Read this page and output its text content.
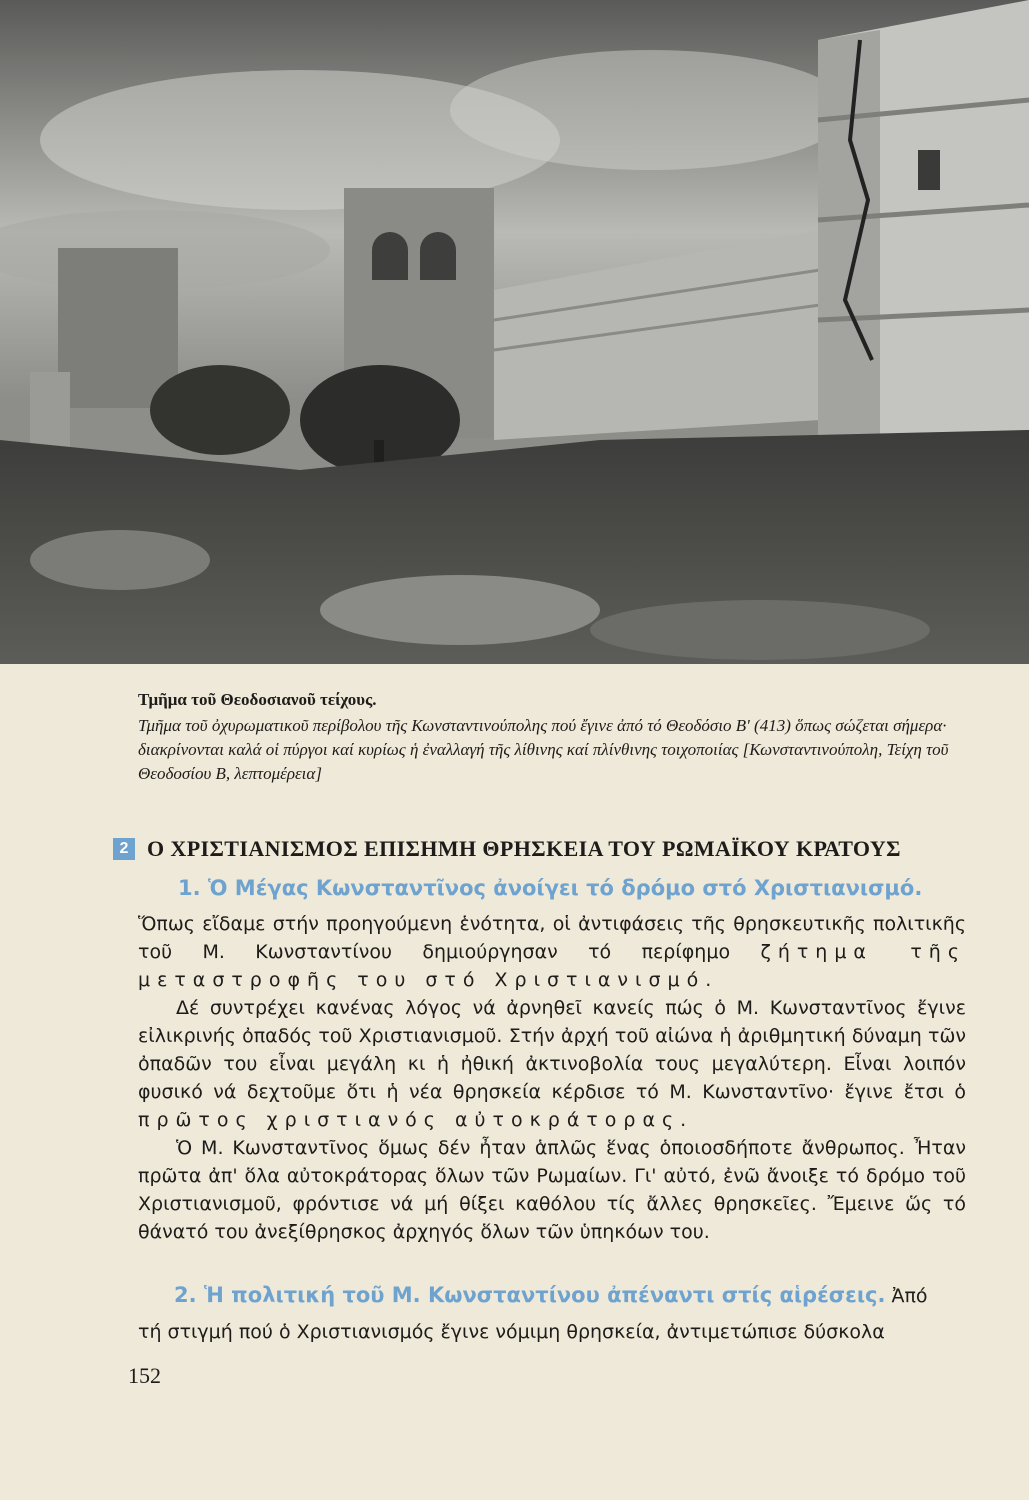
Τμῆμα τοῦ Θεοδοσιανοῦ τείχους.
Τμῆμα τοῦ ὀχυρωματικοῦ περίβολου τῆς Κωνσταντινούπολης πού ἔγινε ἀπό τό Θεοδόσιο Β' (413) ὅπως σώζεται σήμερα· διακρίνονται καλά οἱ πύργοι καί κυρίως ἡ ἐναλλαγή τῆς λίθινης καί πλίνθινης τοιχοποιίας [Κωνσταντινούπολη, Τείχη τοῦ Θεοδοσίου Β, λεπτομέρεια]
2 Ο ΧΡΙΣΤΙΑΝΙΣΜΟΣ ΕΠΙΣΗΜΗ ΘΡΗΣΚΕΙΑ ΤΟΥ ΡΩΜΑΪΚΟΥ ΚΡΑΤΟΥΣ
1. Ὁ Μέγας Κωνσταντῖνος ἀνοίγει τό δρόμο στό Χριστιανισμό.

Ὅπως εἴδαμε στήν προηγούμενη ἑνότητα, οἱ ἀντιφάσεις τῆς θρησκευτικῆς πολιτικῆς τοῦ Μ. Κωνσταντίνου δημιούργησαν τό περίφημο ζήτημα τῆς μεταστροφῆς του στό Χριστιανισμό.

Δέ συντρέχει κανένας λόγος νά ἀρνηθεῖ κανείς πώς ὁ Μ. Κωνσταντῖνος ἔγινε εἰλικρινής ὀπαδός τοῦ Χριστιανισμοῦ. Στήν ἀρχή τοῦ αἰώνα ἡ ἀριθμητική δύναμη τῶν ὀπαδῶν του εἶναι μεγάλη κι ἡ ἠθική ἀκτινοβολία τους μεγαλύτερη. Εἶναι λοιπόν φυσικό νά δεχτοῦμε ὅτι ἡ νέα θρησκεία κέρδισε τό Μ. Κωνσταντῖνο· ἔγινε ἔτσι ὁ πρῶτος χριστιανός αὐτοκράτορας.

Ὁ Μ. Κωνσταντῖνος ὅμως δέν ἦταν ἁπλῶς ἕνας ὁποιοσδήποτε ἄνθρωπος. Ἦταν πρῶτα ἀπ' ὅλα αὐτοκράτορας ὅλων τῶν Ρωμαίων. Γι' αὐτό, ἐνῶ ἄνοιξε τό δρόμο τοῦ Χριστιανισμοῦ, φρόντισε νά μή θίξει καθόλου τίς ἄλλες θρησκεῖες. Ἔμεινε ὥς τό θάνατό του ἀνεξίθρησκος ἀρχηγός ὅλων τῶν ὑπηκόων του.

2. Ἡ πολιτική τοῦ Μ. Κωνσταντίνου ἀπέναντι στίς αἱρέσεις. Ἀπό

τή στιγμή πού ὁ Χριστιανισμός ἔγινε νόμιμη θρησκεία, ἀντιμετώπισε δύσκολα

152
